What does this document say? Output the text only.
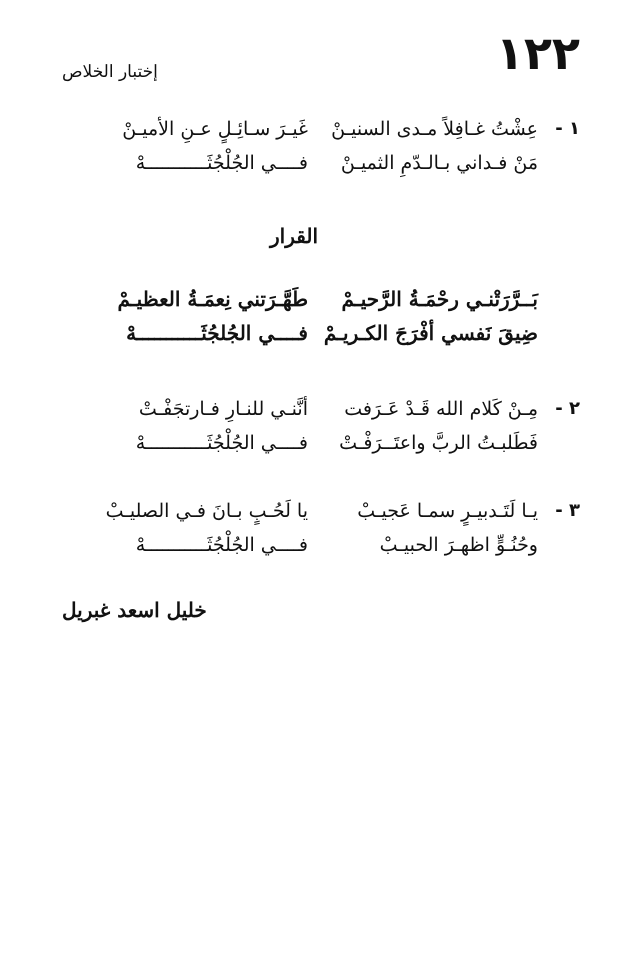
١٢٢
إختبار الخلاص
١ -
عِشْتُ غـافِلاً مـدى السنيـنْ
غَيـرَ سـائِـلٍ عـنِ الأميـنْ
مَنْ فـداني بـالـدّمِ الثميـنْ
فــــي الجُلْجُثَـــــــــــهْ
القرار
بَــرَّرَتْنـي رحْمَـةُ الرَّحيـمْ
طَهَّـرَتني نِعمَـةُ العظيـمْ
ضِيقَ نَفسي أفْرَجَ الكـريـمْ
فــــي الجُلجُثَـــــــــــهْ
٢ -
مِـنْ كَلام الله قَـدْ عَـرَفت
أنَّنـي للنـارِ فـارتجَفْـتْ
فَطَلبـتُ الربَّ واعتَــرَفْـتْ
فــــي الجُلْجُثَـــــــــــهْ
٣ -
يـا لَتَـدبيـرٍ سمـا عَجيـبْ
يا لَحُـبٍ بـانَ فـي الصليـبْ
وحُنُـوٍّ اظهـرَ الحبيـبْ
فــــي الجُلْجُثَـــــــــــهْ
خليل اسعد غبريل
